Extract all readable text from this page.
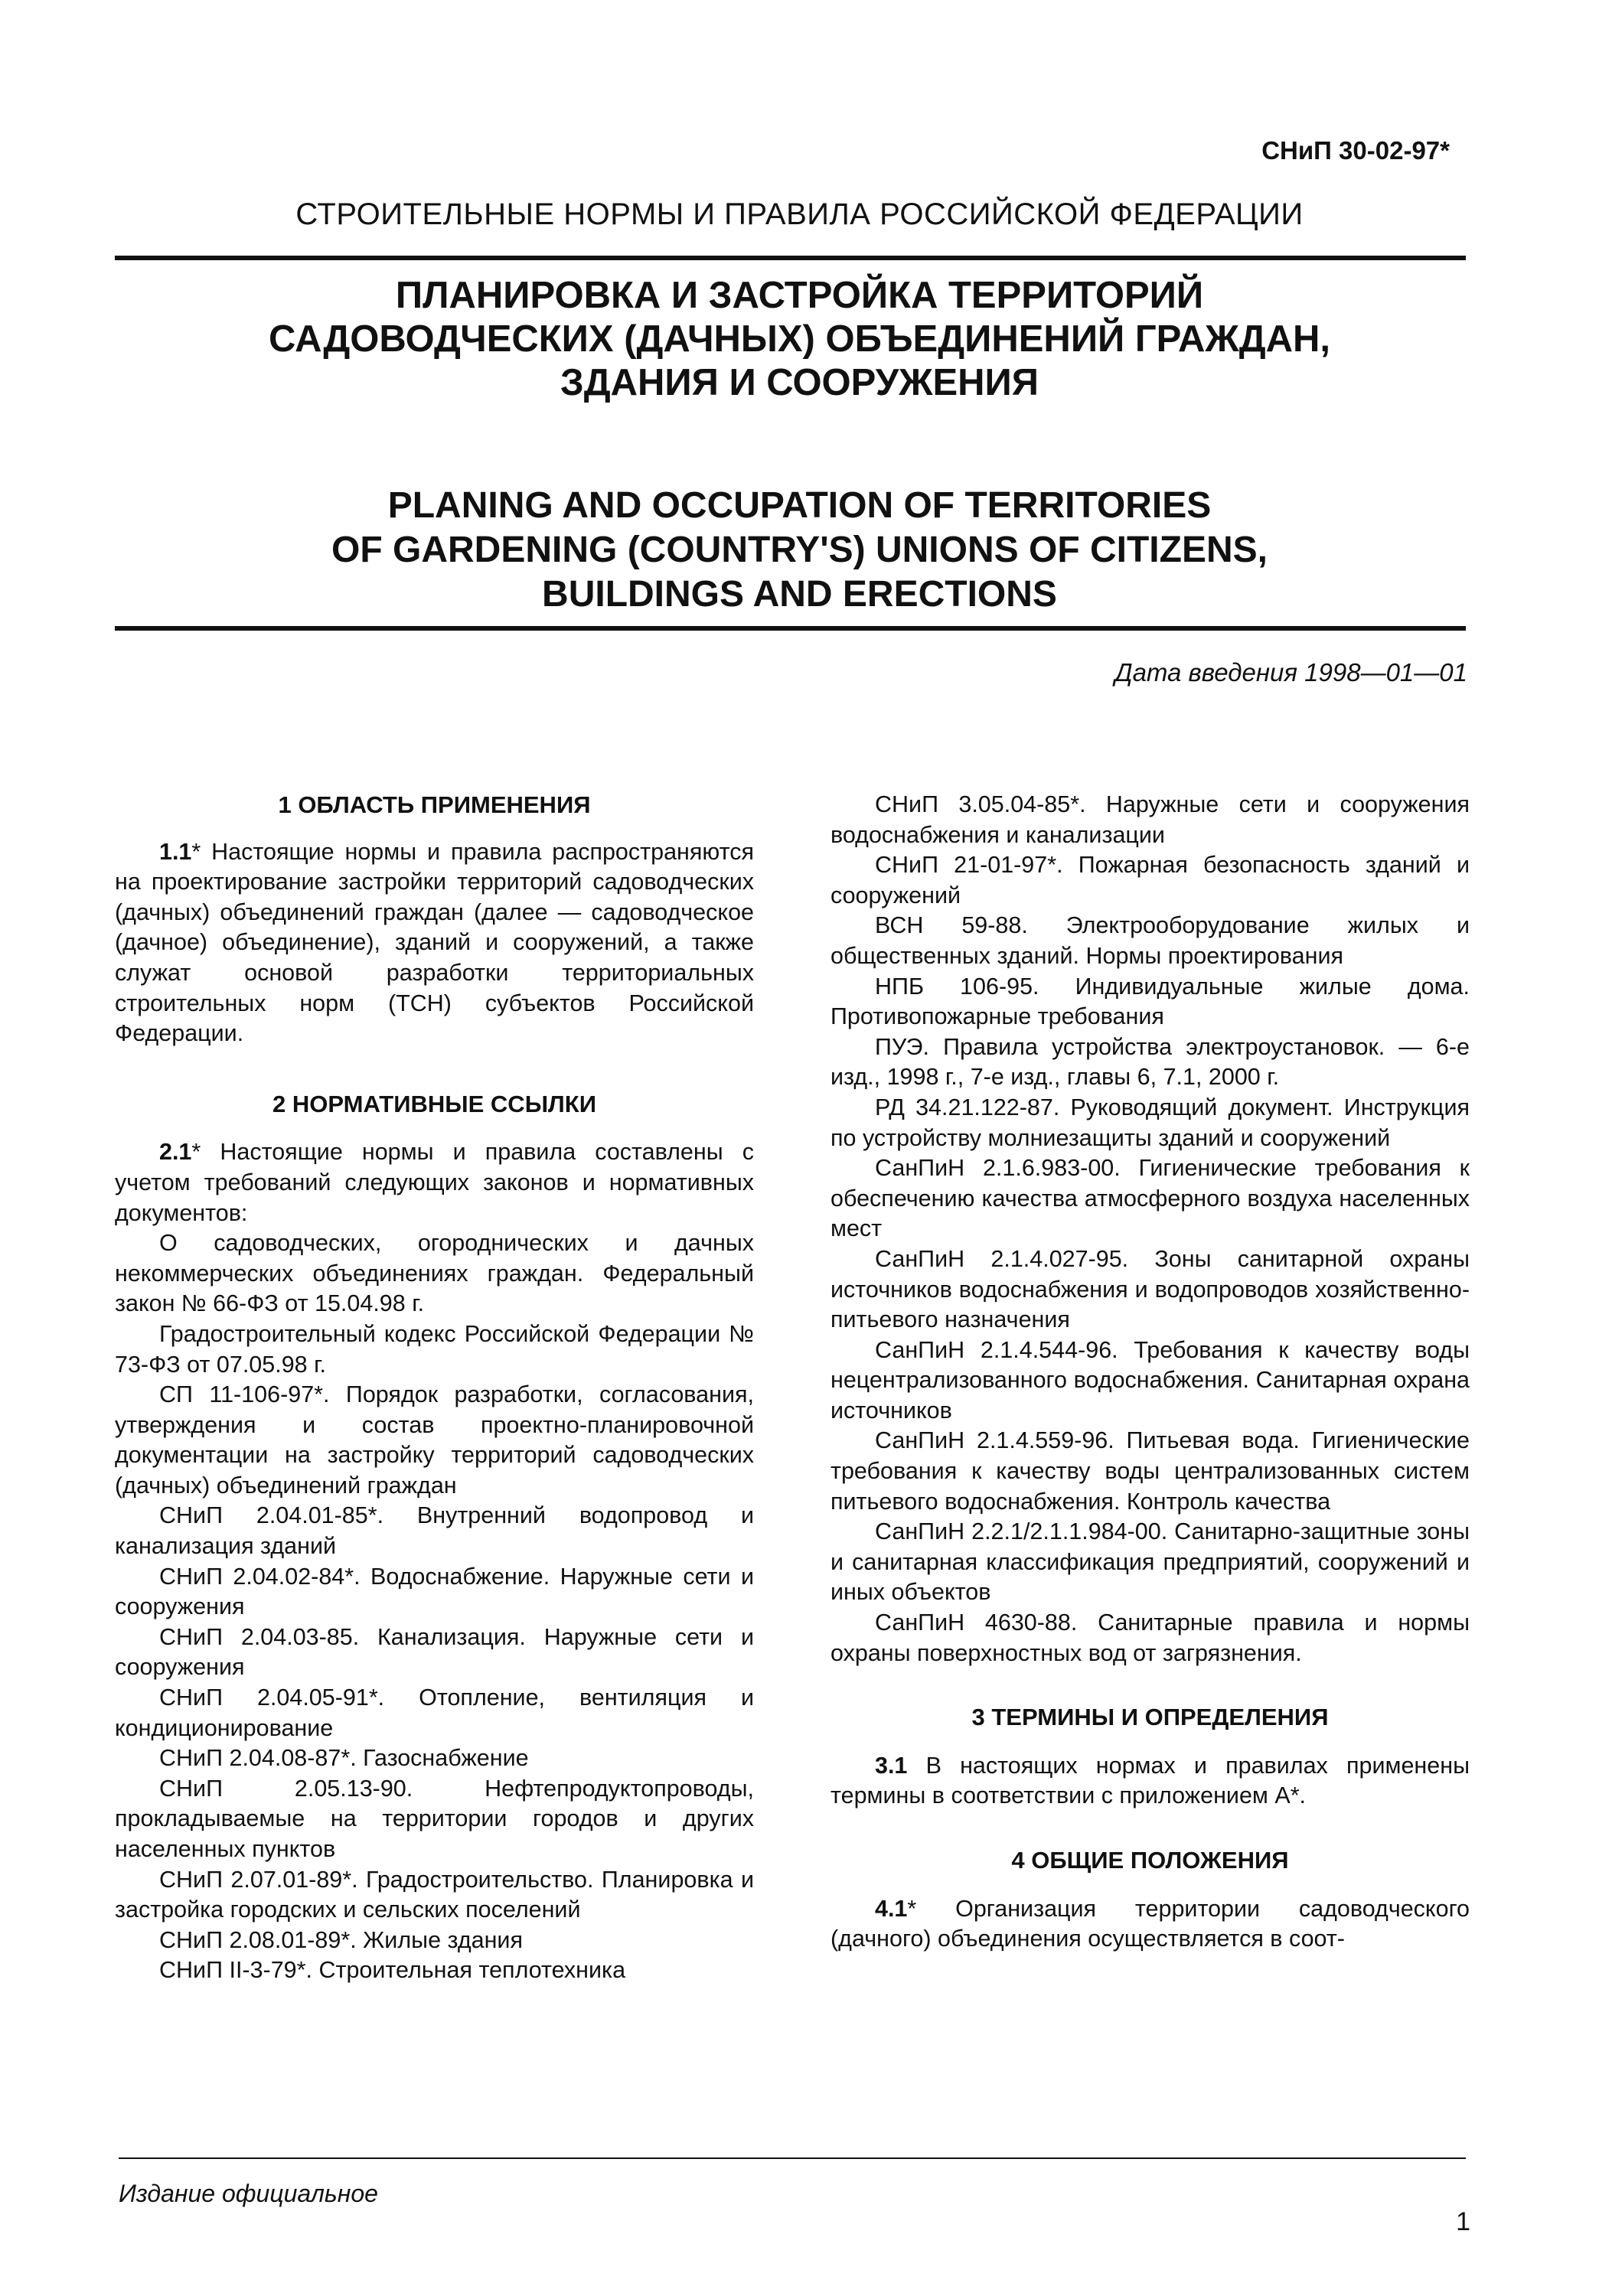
СНиП 30-02-97*
СТРОИТЕЛЬНЫЕ НОРМЫ И ПРАВИЛА РОССИЙСКОЙ ФЕДЕРАЦИИ
ПЛАНИРОВКА И ЗАСТРОЙКА ТЕРРИТОРИЙ
САДОВОДЧЕСКИХ (ДАЧНЫХ) ОБЪЕДИНЕНИЙ ГРАЖДАН,
ЗДАНИЯ И СООРУЖЕНИЯ
PLANING AND OCCUPATION OF TERRITORIES
OF GARDENING (COUNTRY'S) UNIONS OF CITIZENS,
BUILDINGS AND ERECTIONS
Дата введения 1998—01—01
1 ОБЛАСТЬ ПРИМЕНЕНИЯ

1.1* Настоящие нормы и правила распространяются на проектирование застройки территорий садоводческих (дачных) объединений граждан (далее — садоводческое (дачное) объединение), зданий и сооружений, а также служат основой разработки территориальных строительных норм (ТСН) субъектов Российской Федерации.

2 НОРМАТИВНЫЕ ССЫЛКИ

2.1* Настоящие нормы и правила составлены с учетом требований следующих законов и нормативных документов:

О садоводческих, огороднических и дачных некоммерческих объединениях граждан. Федеральный закон № 66-ФЗ от 15.04.98 г.

Градостроительный кодекс Российской Федерации № 73-ФЗ от 07.05.98 г.

СП 11-106-97*. Порядок разработки, согласования, утверждения и состав проектно-планировочной документации на застройку территорий садоводческих (дачных) объединений граждан

СНиП 2.04.01-85*. Внутренний водопровод и канализация зданий

СНиП 2.04.02-84*. Водоснабжение. Наружные сети и сооружения

СНиП 2.04.03-85. Канализация. Наружные сети и сооружения

СНиП 2.04.05-91*. Отопление, вентиляция и кондиционирование

СНиП 2.04.08-87*. Газоснабжение

СНиП 2.05.13-90. Нефтепродуктопроводы, прокладываемые на территории городов и других населенных пунктов

СНиП 2.07.01-89*. Градостроительство. Планировка и застройка городских и сельских поселений

СНиП 2.08.01-89*. Жилые здания

СНиП II-3-79*. Строительная теплотехника

СНиП 3.05.04-85*. Наружные сети и сооружения водоснабжения и канализации

СНиП 21-01-97*. Пожарная безопасность зданий и сооружений

ВСН 59-88. Электрооборудование жилых и общественных зданий. Нормы проектирования

НПБ 106-95. Индивидуальные жилые дома. Противопожарные требования

ПУЭ. Правила устройства электроустановок. — 6-е изд., 1998 г., 7-е изд., главы 6, 7.1, 2000 г.

РД 34.21.122-87. Руководящий документ. Инструкция по устройству молниезащиты зданий и сооружений

СанПиН 2.1.6.983-00. Гигиенические требования к обеспечению качества атмосферного воздуха населенных мест

СанПиН 2.1.4.027-95. Зоны санитарной охраны источников водоснабжения и водопроводов хозяйственно-питьевого назначения

СанПиН 2.1.4.544-96. Требования к качеству воды нецентрализованного водоснабжения. Санитарная охрана источников

СанПиН 2.1.4.559-96. Питьевая вода. Гигиенические требования к качеству воды централизованных систем питьевого водоснабжения. Контроль качества

СанПиН 2.2.1/2.1.1.984-00. Санитарно-защитные зоны и санитарная классификация предприятий, сооружений и иных объектов

СанПиН 4630-88. Санитарные правила и нормы охраны поверхностных вод от загрязнения.

3 ТЕРМИНЫ И ОПРЕДЕЛЕНИЯ

3.1 В настоящих нормах и правилах применены термины в соответствии с приложением А*.

4 ОБЩИЕ ПОЛОЖЕНИЯ

4.1* Организация территории садоводческого (дачного) объединения осуществляется в соот-

Издание официальное
1
